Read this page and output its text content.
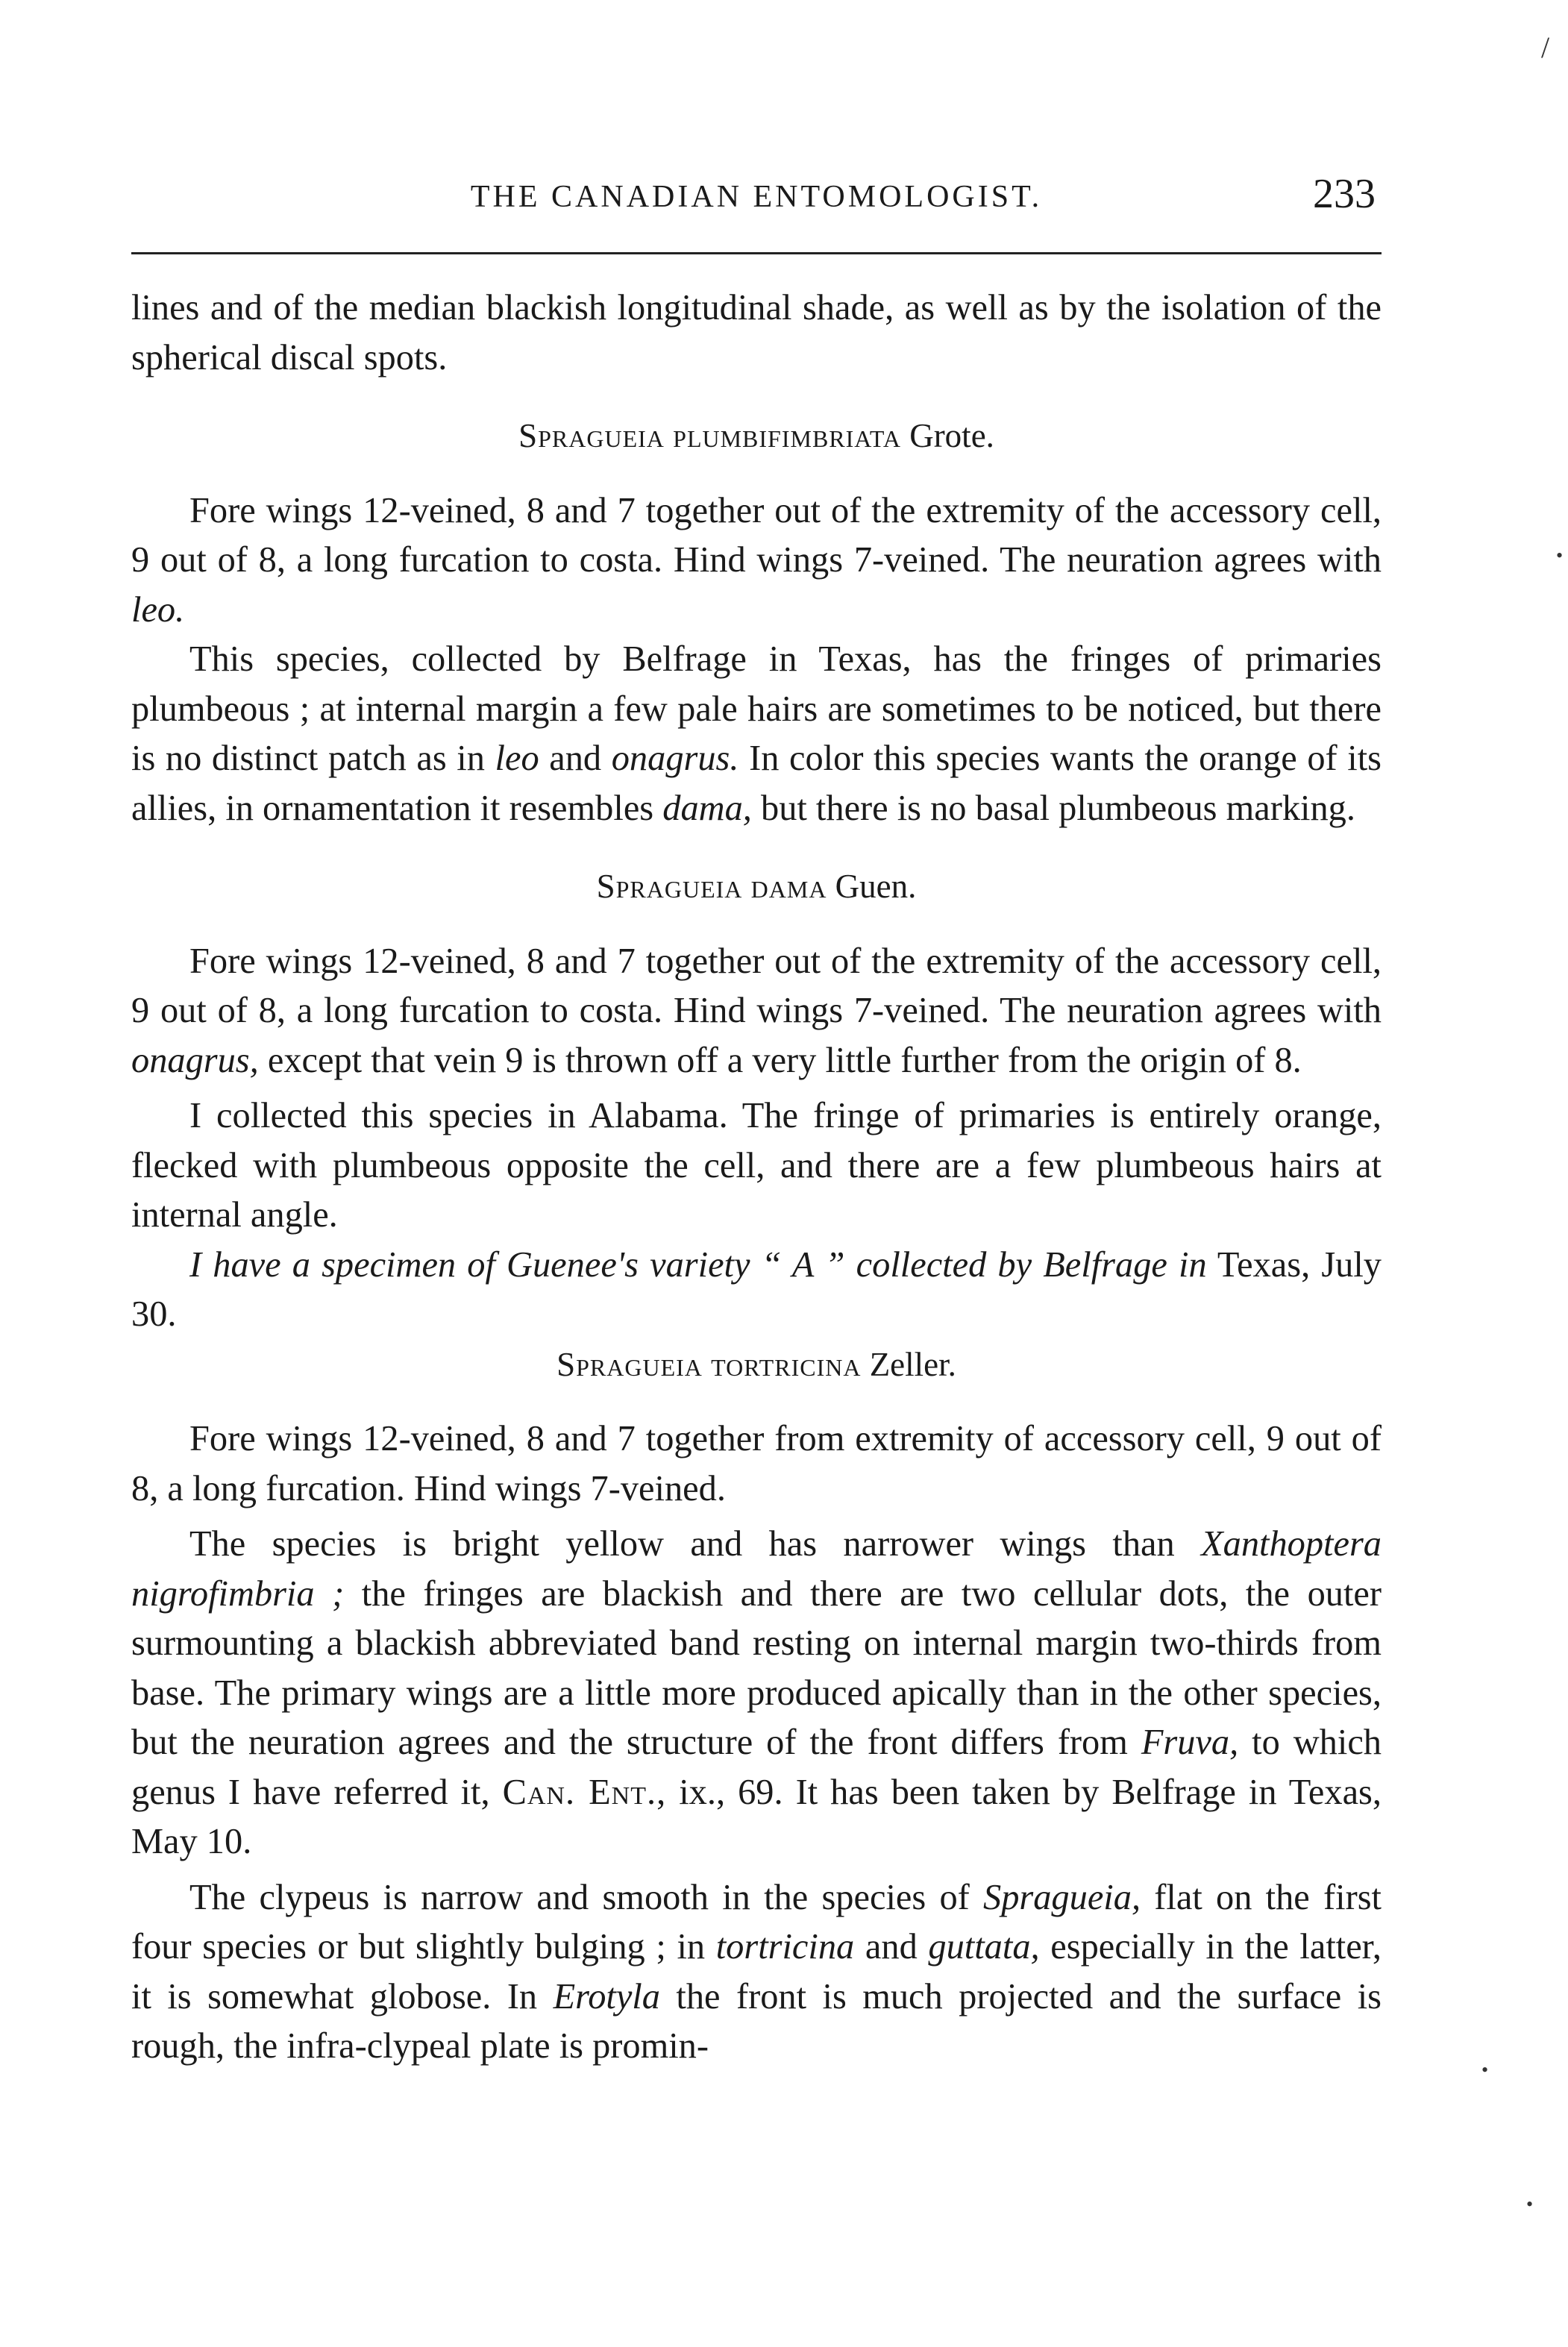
THE CANADIAN ENTOMOLOGIST.	233

lines and of the median blackish longitudinal shade, as well as by the isolation of the spherical discal spots.

Spragueia plumbifimbriata Grote.

Fore wings 12-veined, 8 and 7 together out of the extremity of the accessory cell, 9 out of 8, a long furcation to costa. Hind wings 7-veined. The neuration agrees with leo.

This species, collected by Belfrage in Texas, has the fringes of primaries plumbeous ; at internal margin a few pale hairs are sometimes to be noticed, but there is no distinct patch as in leo and onagrus. In color this species wants the orange of its allies, in ornamentation it resembles dama, but there is no basal plumbeous marking.

Spragueia dama Guen.

Fore wings 12-veined, 8 and 7 together out of the extremity of the accessory cell, 9 out of 8, a long furcation to costa. Hind wings 7-veined. The neuration agrees with onagrus, except that vein 9 is thrown off a very little further from the origin of 8.

I collected this species in Alabama. The fringe of primaries is entirely orange, flecked with plumbeous opposite the cell, and there are a few plumbeous hairs at internal angle.

I have a specimen of Guenee's variety “ A ” collected by Belfrage in Texas, July 30.

Spragueia tortricina Zeller.

Fore wings 12-veined, 8 and 7 together from extremity of accessory cell, 9 out of 8, a long furcation. Hind wings 7-veined.

The species is bright yellow and has narrower wings than Xanthoptera nigrofimbria ; the fringes are blackish and there are two cellular dots, the outer surmounting a blackish abbreviated band resting on internal margin two-thirds from base. The primary wings are a little more produced apically than in the other species, but the neuration agrees and the structure of the front differs from Fruva, to which genus I have referred it, Can. Ent., ix., 69. It has been taken by Belfrage in Texas, May 10.

The clypeus is narrow and smooth in the species of Spragueia, flat on the first four species or but slightly bulging ; in tortricina and guttata, especially in the latter, it is somewhat globose. In Erotyla the front is much projected and the surface is rough, the infra-clypeal plate is promin-

/
•
•
•
